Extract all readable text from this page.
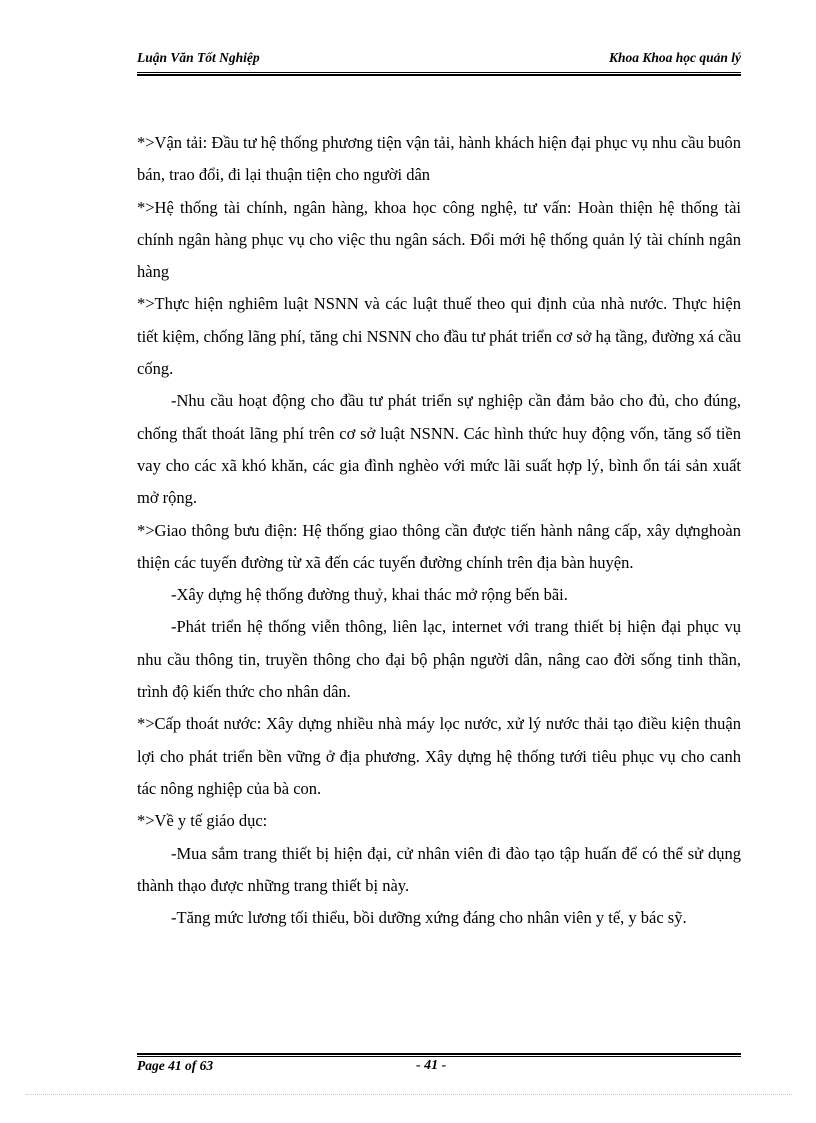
Luận Văn Tốt Nghiệp	Khoa Khoa học quản lý

*>Vận tải: Đầu tư hệ thống phương tiện vận tải, hành khách hiện đại phục vụ nhu cầu buôn bán, trao đổi, đi lại thuận tiện cho người dân

*>Hệ thống tài chính, ngân hàng, khoa học công nghệ, tư vấn: Hoàn thiện hệ thống tài chính ngân hàng phục vụ cho việc thu ngân sách. Đổi mới hệ thống quản lý tài chính ngân hàng

*>Thực hiện nghiêm luật NSNN và các luật thuế theo qui định của nhà nước. Thực hiện tiết kiệm, chống lãng phí, tăng chi NSNN cho đầu tư phát triển cơ sở hạ tầng, đường xá cầu cống.

-Nhu cầu hoạt động cho đầu tư phát triển sự nghiệp cần đảm bảo cho đủ, cho đúng, chống thất thoát lãng phí trên cơ sở luật NSNN. Các hình thức huy động vốn, tăng số tiền vay cho các xã khó khăn, các gia đình nghèo với mức lãi suất hợp lý, bình ổn tái sản xuất mở rộng.

*>Giao thông bưu điện: Hệ thống giao thông cần được tiến hành nâng cấp, xây dựnghoàn thiện các tuyến đường từ xã đến các tuyến đường chính trên địa bàn huyện.

-Xây dựng hệ thống đường thuỷ, khai thác mở rộng bến bãi.

-Phát triển hệ thống viễn thông, liên lạc, internet với trang thiết bị hiện đại phục vụ nhu cầu thông tin, truyền thông cho đại bộ phận người dân, nâng cao đời sống tinh thần, trình độ kiến thức cho nhân dân.

*>Cấp thoát nước: Xây dựng nhiều nhà máy lọc nước, xử lý nước thải tạo điều kiện thuận lợi cho phát triển bền vững ở địa phương. Xây dựng hệ thống tưới tiêu phục vụ cho canh tác nông nghiệp của bà con.

*>Về y tế giáo dục:

-Mua sắm trang thiết bị hiện đại, cử nhân viên đi đào tạo tập huấn để có thể sử dụng thành thạo được những trang thiết bị này.

-Tăng mức lương tối thiểu, bồi dưỡng xứng đáng cho nhân viên y tế, y bác sỹ.

Page 41 of 63	- 41 -
